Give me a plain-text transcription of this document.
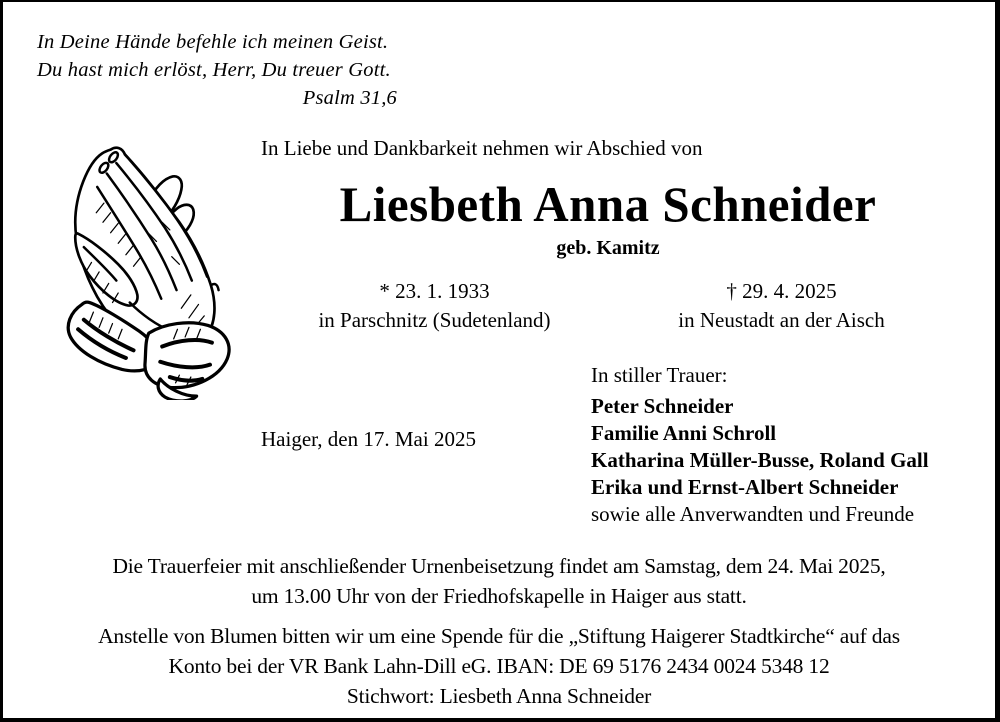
In Deine Hände befehle ich meinen Geist.
Du hast mich erlöst, Herr, Du treuer Gott.
Psalm 31,6
In Liebe und Dankbarkeit nehmen wir Abschied von
Liesbeth Anna Schneider
geb. Kamitz
* 23. 1. 1933
in Parschnitz (Sudetenland)
† 29. 4. 2025
in Neustadt an der Aisch
In stiller Trauer:
Peter Schneider
Familie Anni Schroll
Katharina Müller-Busse, Roland Gall
Erika und Ernst-Albert Schneider
sowie alle Anverwandten und Freunde
Haiger, den 17. Mai 2025
Die Trauerfeier mit anschließender Urnenbeisetzung findet am Samstag, dem 24. Mai 2025,
um 13.00 Uhr von der Friedhofskapelle in Haiger aus statt.
Anstelle von Blumen bitten wir um eine Spende für die „Stiftung Haigerer Stadtkirche“ auf das
Konto bei der VR Bank Lahn-Dill eG. IBAN: DE 69 5176 2434 0024 5348 12
Stichwort: Liesbeth Anna Schneider
